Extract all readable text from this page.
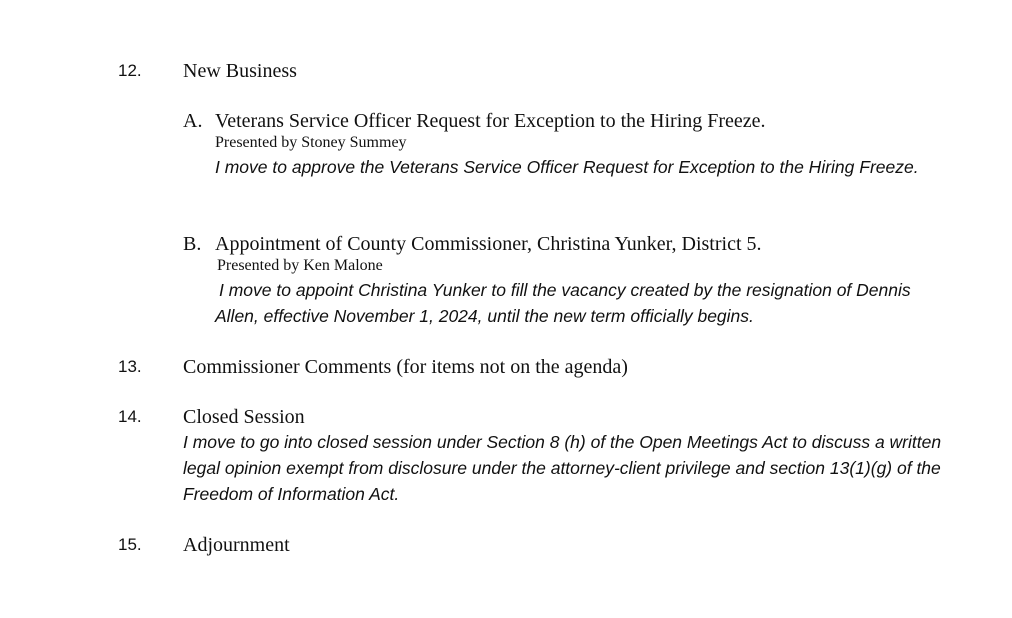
12. New Business
A. Veterans Service Officer Request for Exception to the Hiring Freeze.
Presented by Stoney Summey
I move to approve the Veterans Service Officer Request for Exception to the Hiring Freeze.
B. Appointment of County Commissioner, Christina Yunker, District 5.
Presented by Ken Malone
I move to appoint Christina Yunker to fill the vacancy created by the resignation of Dennis Allen, effective November 1, 2024, until the new term officially begins.
13. Commissioner Comments (for items not on the agenda)
14. Closed Session
I move to go into closed session under Section 8 (h) of the Open Meetings Act to discuss a written legal opinion exempt from disclosure under the attorney-client privilege and section 13(1)(g) of the Freedom of Information Act.
15. Adjournment
